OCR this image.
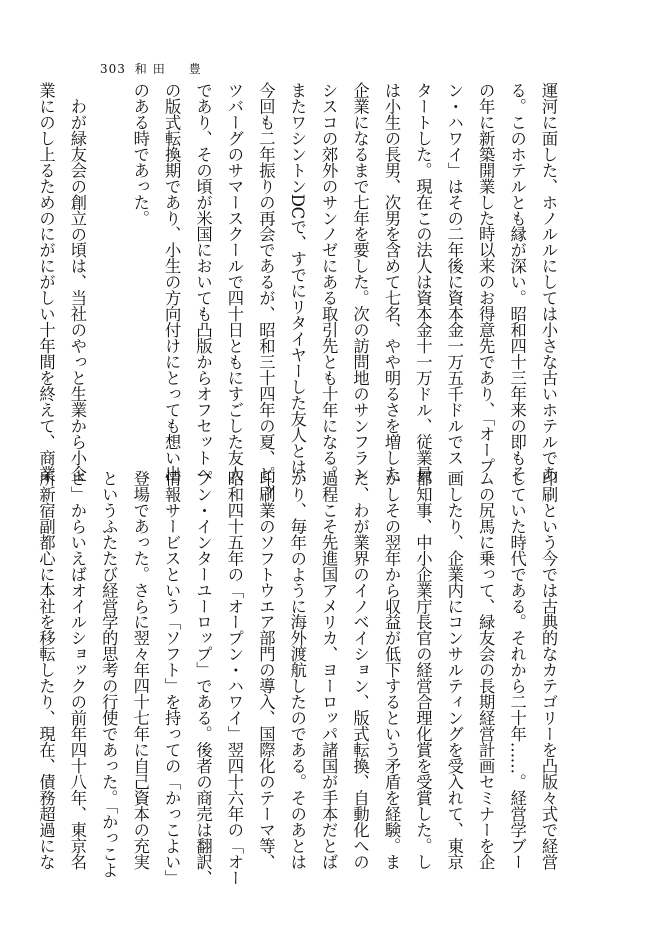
303 和田　豊
運河に面した、ホノルルにしては小さな古いホテルであ
る。このホテルとも縁が深い。昭和四十三年来の即もそ
の年に新築開業した時以来のお得意先であり、「オープ
ン・ハワイ」はその二年後に資本金一万五千ドルでス
タートした。現在この法人は資本金十一万ドル、従業員
は小生の長男、次男を含めて七名、やや明るさを増した
企業になるまで七年を要した。次の訪問地のサンフラン
シスコの郊外のサンノゼにある取引先とも十年になる。
またワシントンDCで、すでにリタイヤーした友人とは、
今回も二年振りの再会であるが、昭和三十四年の夏、ピッ
ツバーグのサマースクールで四十日ともにすごした友人
であり、その頃が米国においても凸版からオフセットへ
の版式転換期であり、小生の方向付けにとっても想い出
のある時であった。

わが緑友会の創立の頃は、当社のやっと生業から小企
業にのし上るためのにがにがしい十年間を終えて、商業
印刷という今では古典的なカテゴリーを凸版々式で経営
していた時代である。それから二十年……。経営学ブー
ムの尻馬に乗って、緑友会の長期経営計画セミナーを企
画したり、企業内にコンサルティングを受入れて、東京
都知事、中小企業庁長官の経営合理化賞を受賞した。し
かしその翌年から収益が低下するという矛盾を経験。ま
た、わが業界のイノベイション、版式転換、自動化への
過程こそ先進国アメリカ、ヨーロッパ諸国が手本だとば
かり、毎年のように海外渡航したのである。そのあとは
印刷業のソフトウエア部門の導入、国際化のテーマ等、
昭和四十五年の「オープン・ハワイ」翌四十六年の「オー
プン・インターユーロップ」である。後者の商売は翻訳、
情報サービスという「ソフト」を持っての「かっこよい」
登場であった。さらに翌々年四十七年に自己資本の充実
というふたたび経営学的思考の行使であった。「かっこよ
さ」からいえばオイルショックの前年四十八年、東京名
所新宿副都心に本社を移転したり、現在、債務超過にな
